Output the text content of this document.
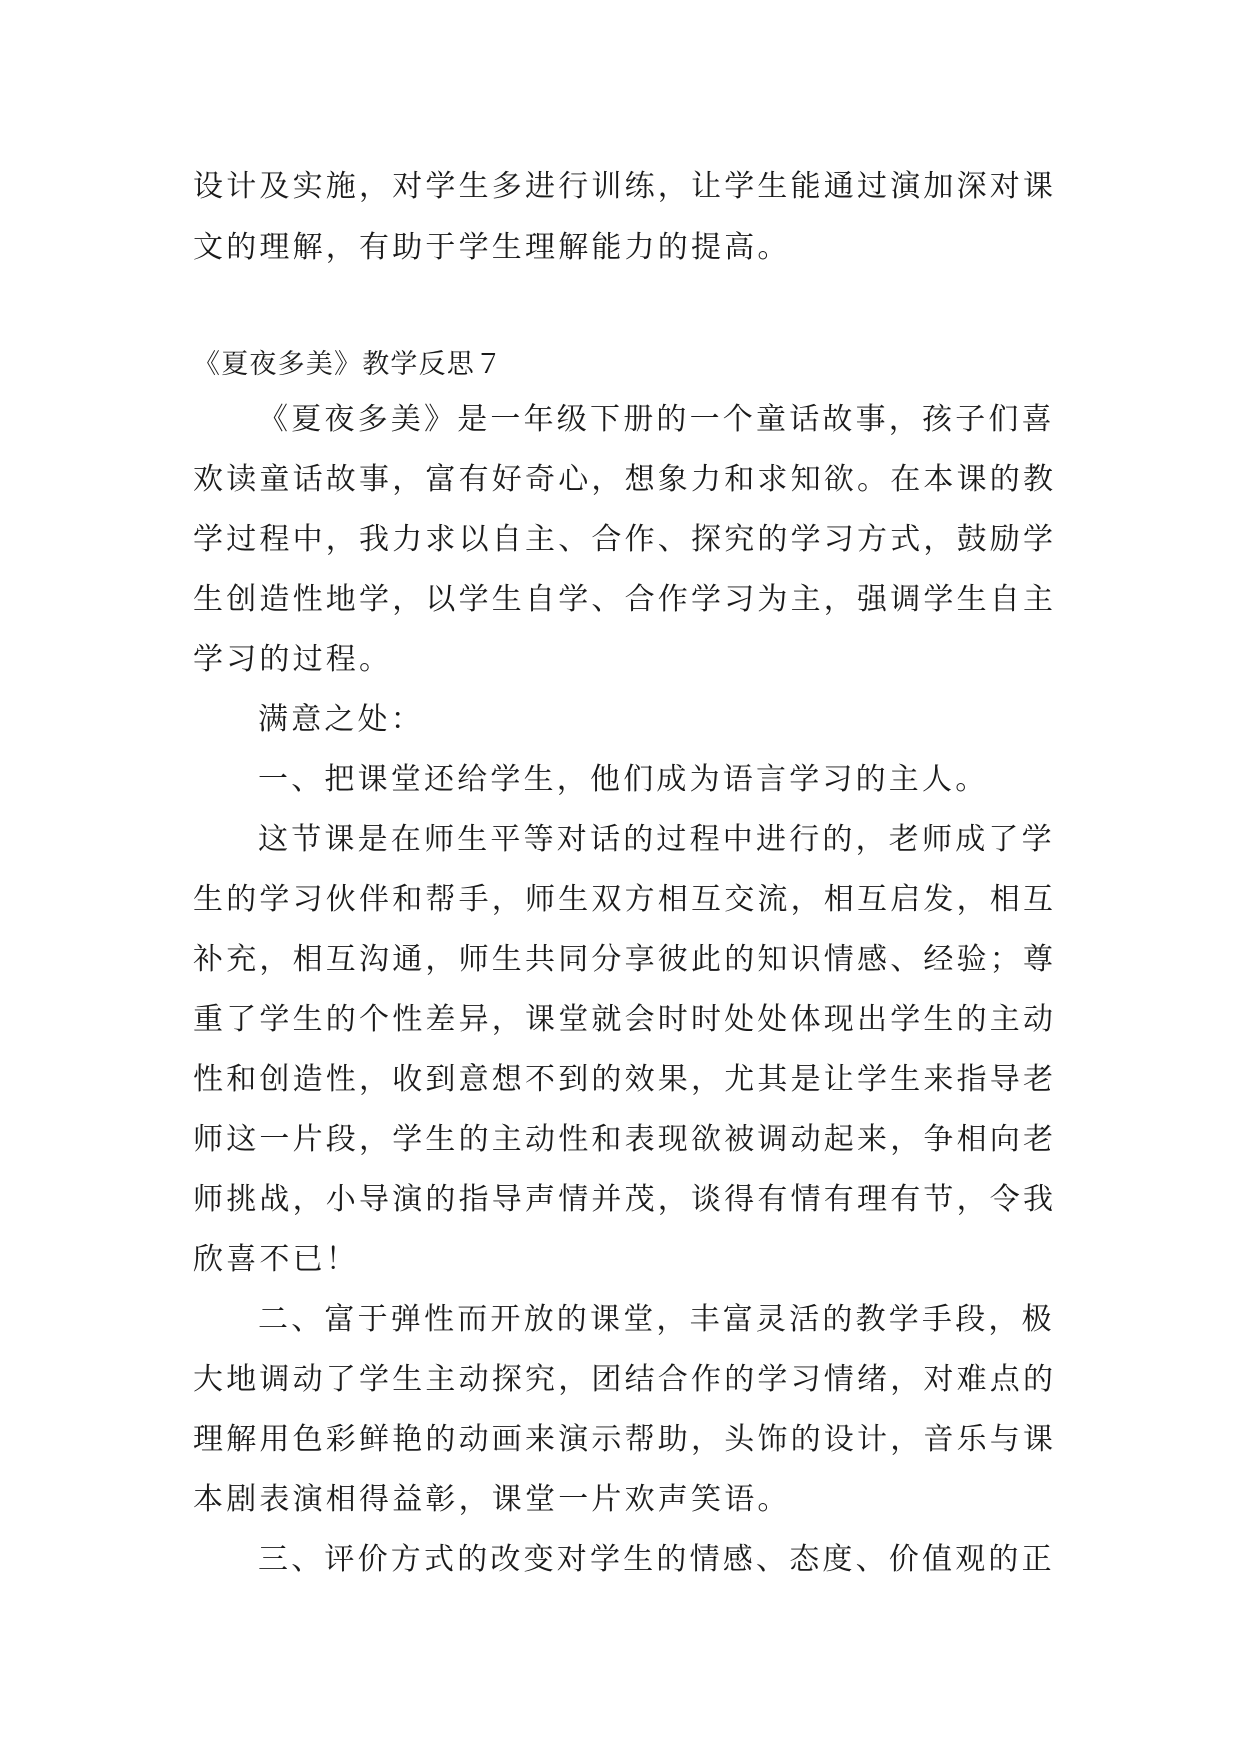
设计及实施，对学生多进行训练，让学生能通过演加深对课
文的理解，有助于学生理解能力的提高。
《夏夜多美》教学反思７
《夏夜多美》是一年级下册的一个童话故事，孩子们喜
欢读童话故事，富有好奇心，想象力和求知欲。在本课的教
学过程中，我力求以自主、合作、探究的学习方式，鼓励学
生创造性地学，以学生自学、合作学习为主，强调学生自主
学习的过程。
满意之处：
一、把课堂还给学生，他们成为语言学习的主人。
这节课是在师生平等对话的过程中进行的，老师成了学
生的学习伙伴和帮手，师生双方相互交流，相互启发，相互
补充，相互沟通，师生共同分享彼此的知识情感、经验；尊
重了学生的个性差异，课堂就会时时处处体现出学生的主动
性和创造性，收到意想不到的效果，尤其是让学生来指导老
师这一片段，学生的主动性和表现欲被调动起来，争相向老
师挑战，小导演的指导声情并茂，谈得有情有理有节，令我
欣喜不已！
二、富于弹性而开放的课堂，丰富灵活的教学手段，极
大地调动了学生主动探究，团结合作的学习情绪，对难点的
理解用色彩鲜艳的动画来演示帮助，头饰的设计，音乐与课
本剧表演相得益彰，课堂一片欢声笑语。
三、评价方式的改变对学生的情感、态度、价值观的正
